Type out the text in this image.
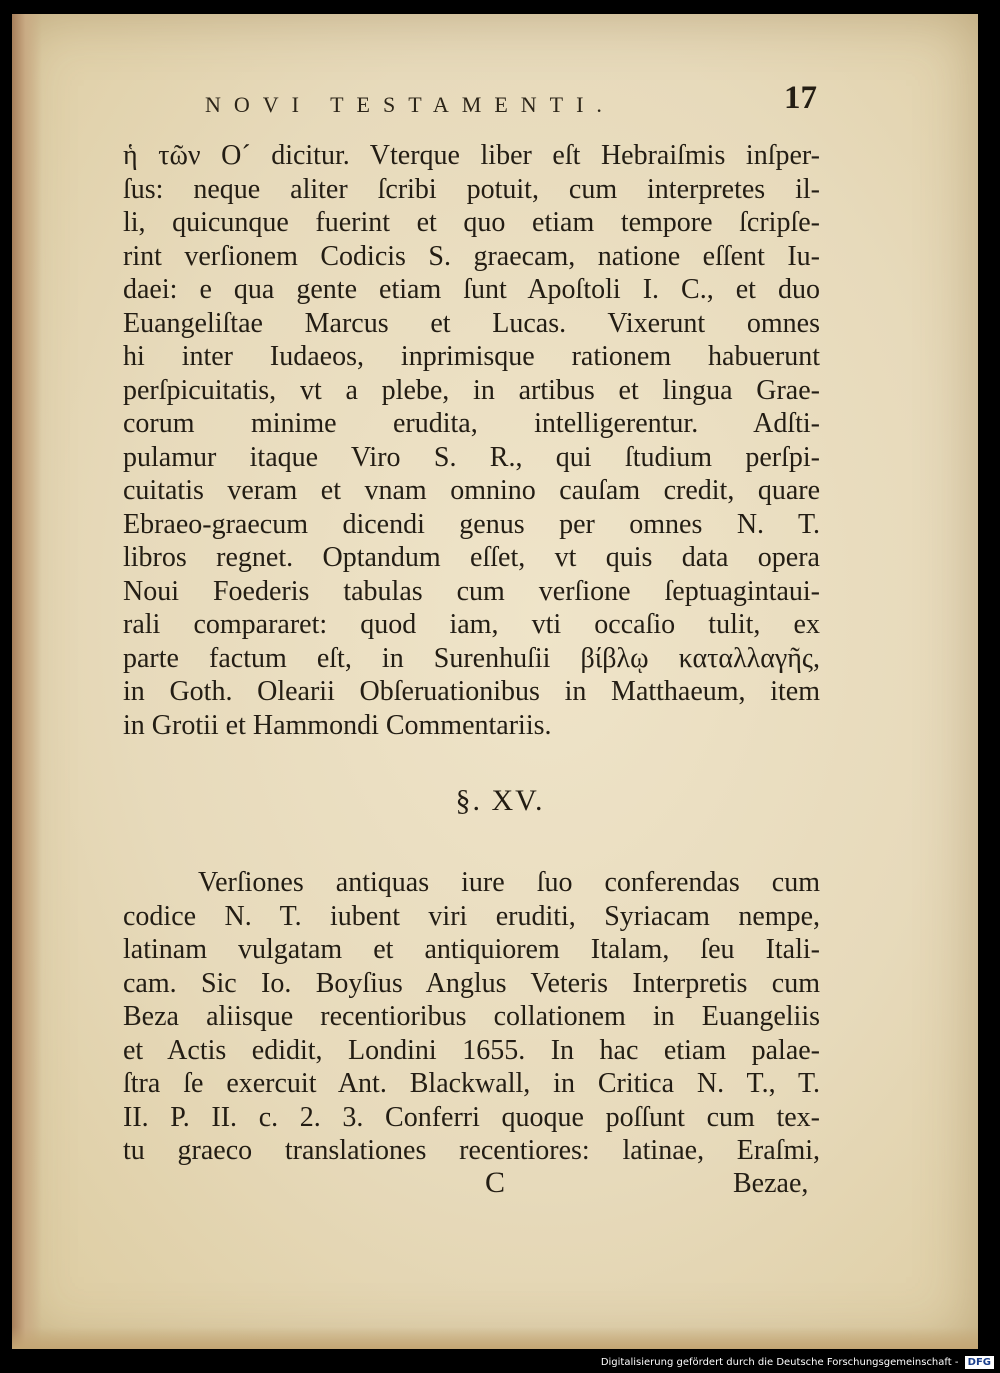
NOVI TESTAMENTI.	17
ἡ τῶν Ο´ dicitur. Vterque liber eſt Hebraiſmis inſper-
ſus: neque aliter ſcribi potuit, cum interpretes il-
li, quicunque fuerint et quo etiam tempore ſcripſe-
rint verſionem Codicis S. graecam, natione eſſent Iu-
daei: e qua gente etiam ſunt Apoſtoli I. C., et duo
Euangeliſtae Marcus et Lucas. Vixerunt omnes
hi inter Iudaeos, inprimisque rationem habuerunt
perſpicuitatis, vt a plebe, in artibus et lingua Grae-
corum minime erudita, intelligerentur. Adſti-
pulamur itaque Viro S. R., qui ſtudium perſpi-
cuitatis veram et vnam omnino cauſam credit, quare
Ebraeo-graecum dicendi genus per omnes N. T.
libros regnet. Optandum eſſet, vt quis data opera
Noui Foederis tabulas cum verſione ſeptuagintaui-
rali compararet: quod iam, vti occaſio tulit, ex
parte factum eſt, in Surenhuſii βίβλῳ καταλλαγῆς,
in Goth. Olearii Obſeruationibus in Matthaeum, item
in Grotii et Hammondi Commentariis.
§. XV.
Verſiones antiquas iure ſuo conferendas cum
codice N. T. iubent viri eruditi, Syriacam nempe,
latinam vulgatam et antiquiorem Italam, ſeu Itali-
cam. Sic Io. Boyſius Anglus Veteris Interpretis cum
Beza aliisque recentioribus collationem in Euangeliis
et Actis edidit, Londini 1655. In hac etiam palae-
ſtra ſe exercuit Ant. Blackwall, in Critica N. T., T.
II. P. II. c. 2. 3. Conferri quoque poſſunt cum tex-
tu graeco translationes recentiores: latinae, Eraſmi,
C	Bezae,
Digitalisierung gefördert durch die Deutsche Forschungsgemeinschaft - DFG
